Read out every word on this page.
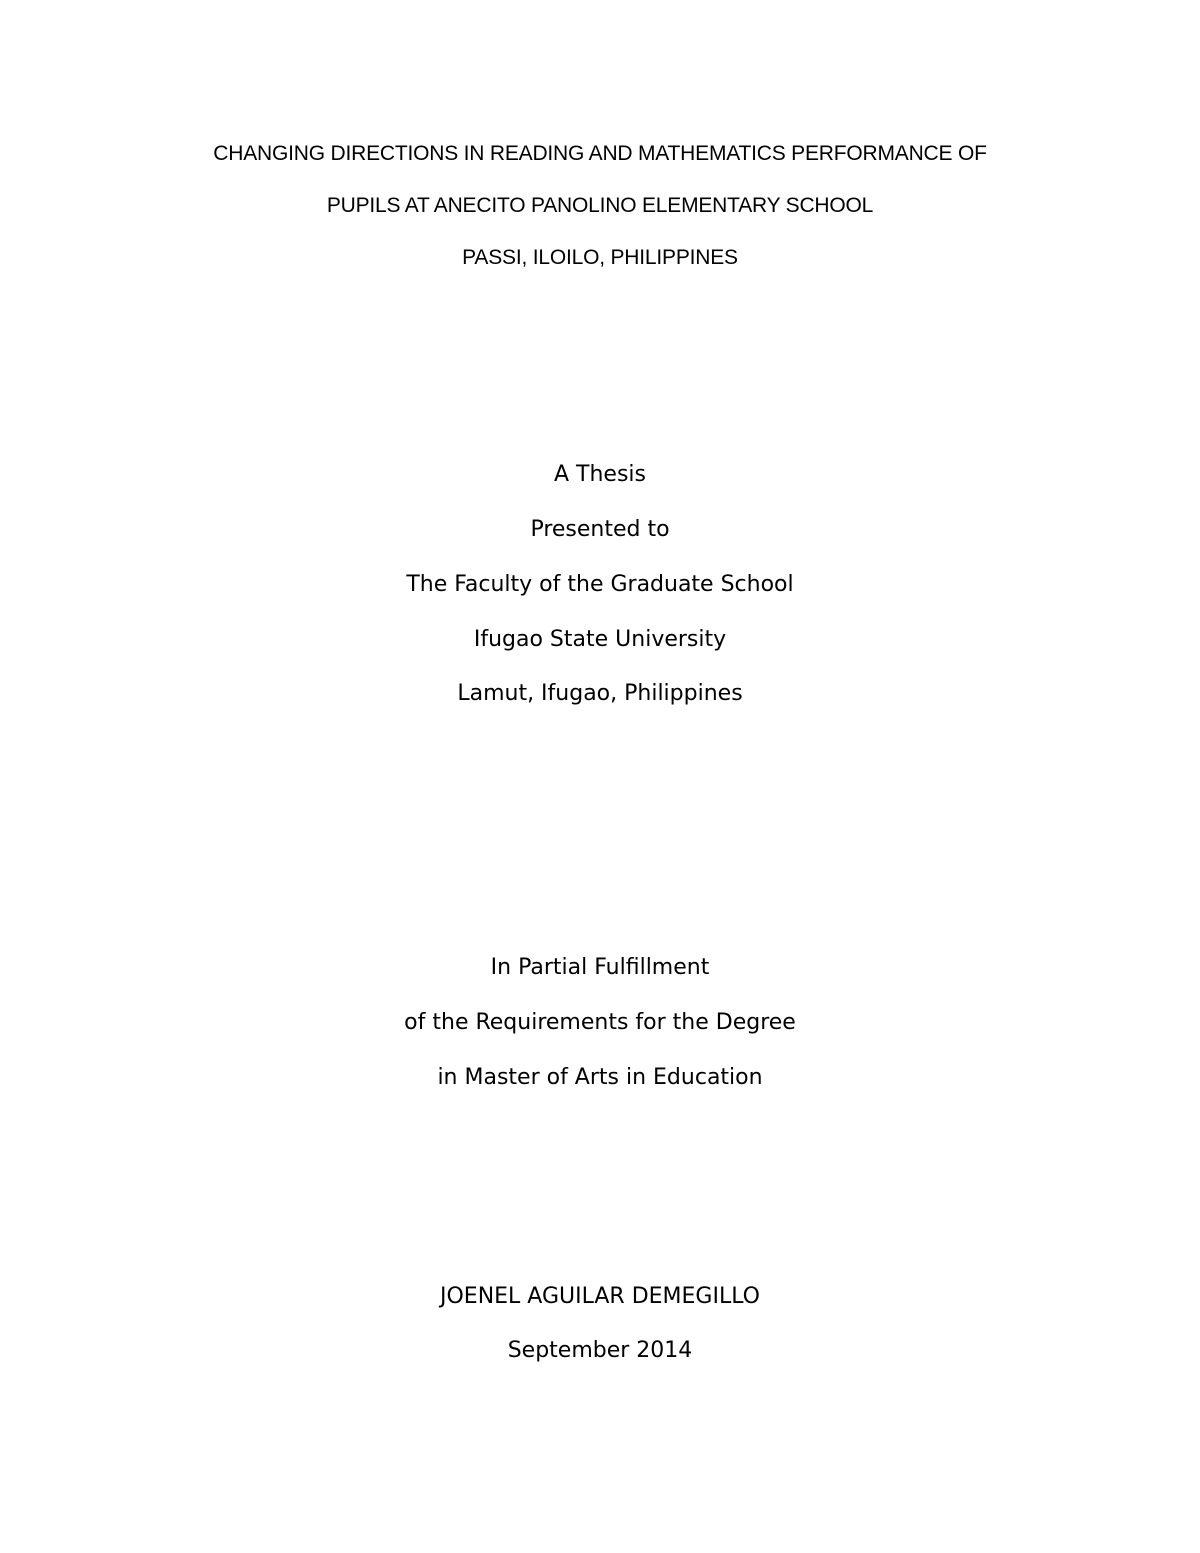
CHANGING DIRECTIONS IN READING AND MATHEMATICS PERFORMANCE OF
PUPILS AT ANECITO PANOLINO ELEMENTARY SCHOOL
PASSI, ILOILO, PHILIPPINES
A Thesis
Presented to
The Faculty of the Graduate School
Ifugao State University
Lamut, Ifugao, Philippines
In Partial Fulfillment
of the Requirements for the Degree
in Master of Arts in Education
JOENEL AGUILAR DEMEGILLO
September 2014
